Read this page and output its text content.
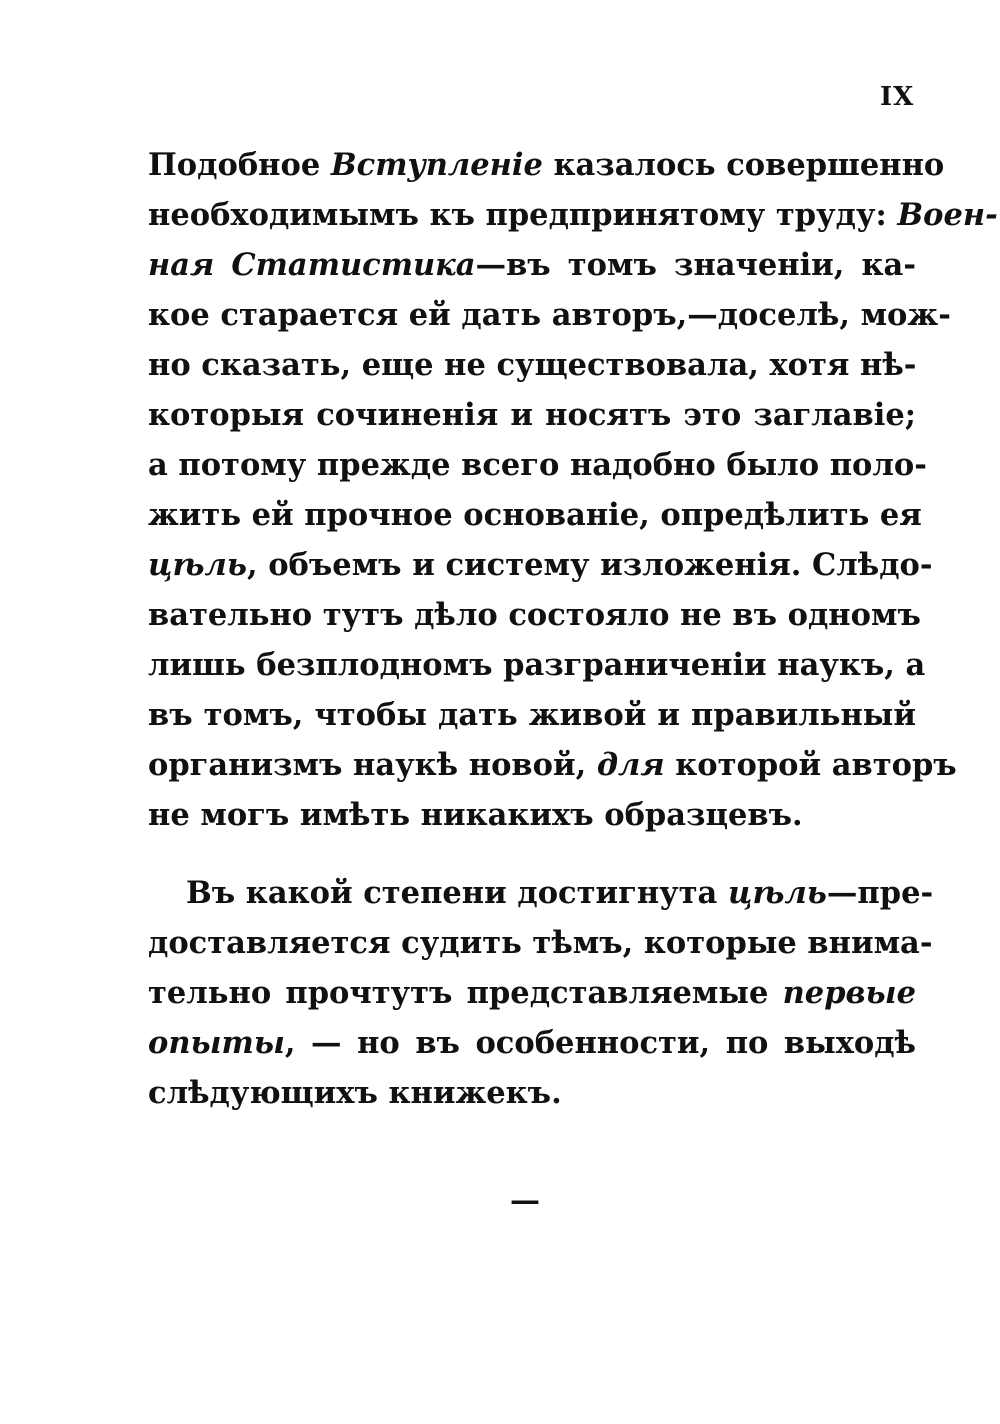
IX
Подобное Вступленіе казалось совершенно
необходимымъ къ предпринятому труду: Воен-
ная Статистика—въ томъ значеніи, ка-
кое старается ей дать авторъ,—доселѣ, мож-
но сказать, еще не существовала, хотя нѣ-
которыя сочиненія и носятъ это заглавіе;
а потому прежде всего надобно было поло-
жить ей прочное основаніе, опредѣлить ея
цѣль, объемъ и систему изложенія. Слѣдо-
вательно тутъ дѣло состояло не въ одномъ
лишь безплодномъ разграниченіи наукъ, а
въ томъ, чтобы дать живой и правильный
организмъ наукѣ новой, для которой авторъ
не могъ имѣть никакихъ образцевъ.
Въ какой степени достигнута цѣль—пре-
доставляется судить тѣмъ, которые внима-
тельно прочтутъ представляемые первые
опыты, — но въ особенности, по выходѣ
слѣдующихъ книжекъ.
—
